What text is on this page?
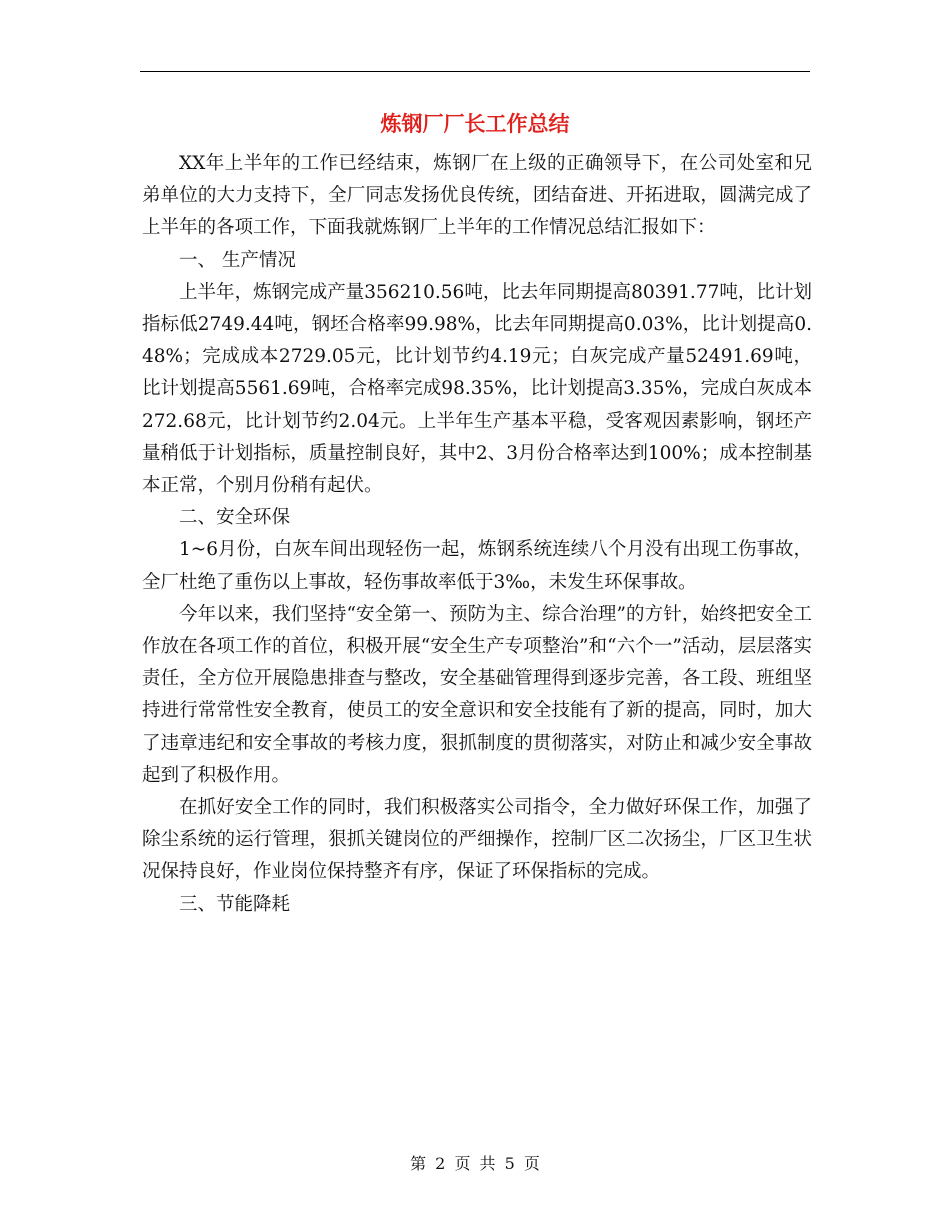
炼钢厂厂长工作总结

XX年上半年的工作已经结束，炼钢厂在上级的正确领导下，在公司处室和兄弟单位的大力支持下，全厂同志发扬优良传统，团结奋进、开拓进取，圆满完成了上半年的各项工作，下面我就炼钢厂上半年的工作情况总结汇报如下：

一、 生产情况

上半年，炼钢完成产量356210.56吨，比去年同期提高80391.77吨，比计划指标低2749.44吨，钢坯合格率99.98%，比去年同期提高0.03%，比计划提高0.48%；完成成本2729.05元，比计划节约4.19元；白灰完成产量52491.69吨，比计划提高5561.69吨，合格率完成98.35%，比计划提高3.35%，完成白灰成本272.68元，比计划节约2.04元。上半年生产基本平稳，受客观因素影响，钢坯产量稍低于计划指标，质量控制良好，其中2、3月份合格率达到100%；成本控制基本正常，个别月份稍有起伏。

二、安全环保

1~6月份，白灰车间出现轻伤一起，炼钢系统连续八个月没有出现工伤事故，全厂杜绝了重伤以上事故，轻伤事故率低于3‰，未发生环保事故。

今年以来，我们坚持“安全第一、预防为主、综合治理”的方针，始终把安全工作放在各项工作的首位，积极开展“安全生产专项整治”和“六个一”活动，层层落实责任，全方位开展隐患排查与整改，安全基础管理得到逐步完善，各工段、班组坚持进行常常性安全教育，使员工的安全意识和安全技能有了新的提高，同时，加大了违章违纪和安全事故的考核力度，狠抓制度的贯彻落实，对防止和减少安全事故起到了积极作用。

在抓好安全工作的同时，我们积极落实公司指令，全力做好环保工作，加强了除尘系统的运行管理，狠抓关键岗位的严细操作，控制厂区二次扬尘，厂区卫生状况保持良好，作业岗位保持整齐有序，保证了环保指标的完成。

三、节能降耗

第 2 页 共 5 页
